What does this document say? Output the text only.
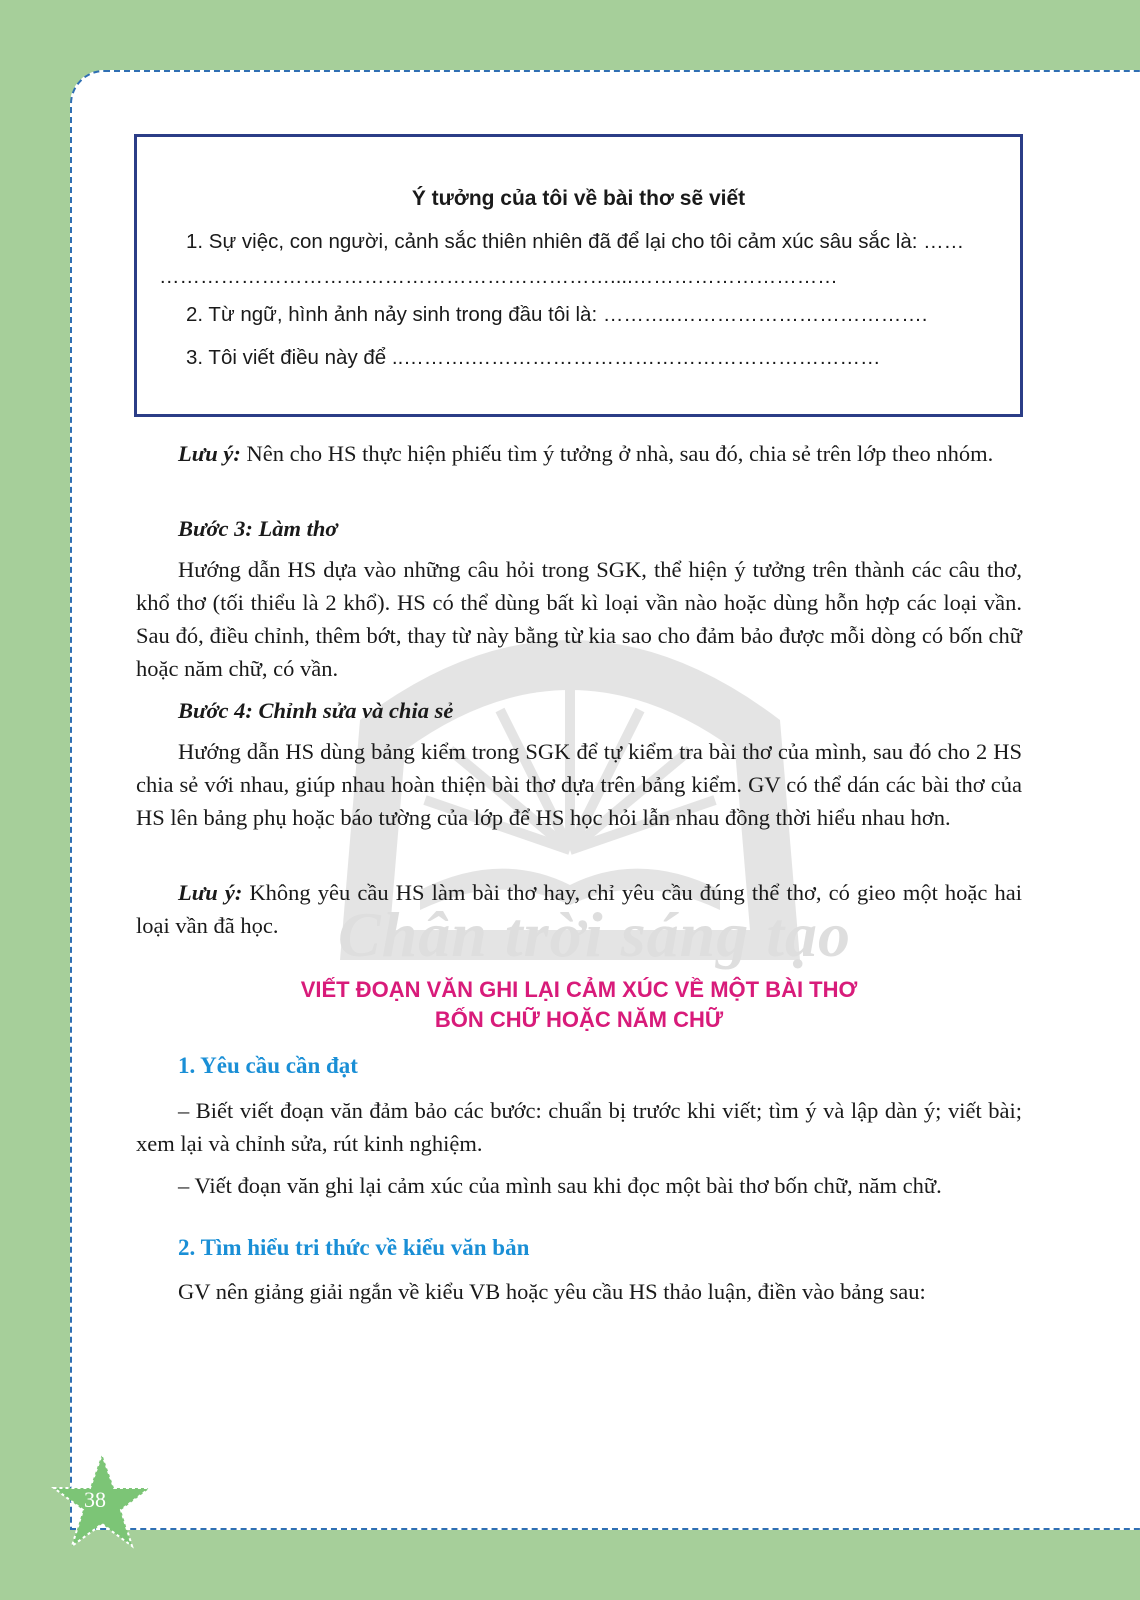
Chân trời sáng tạo
Ý tưởng của tôi về bài thơ sẽ viết
1. Sự việc, con người, cảnh sắc thiên nhiên đã để lại cho tôi cảm xúc sâu sắc là: ……
…………………………………………………………....…………………………
2. Từ ngữ, hình ảnh nảy sinh trong đầu tôi là: ………..……………………………….
3. Tôi viết điều này để ..……….……………………………………………………

Lưu ý: Nên cho HS thực hiện phiếu tìm ý tưởng ở nhà, sau đó, chia sẻ trên lớp theo nhóm.

Bước 3: Làm thơ

Hướng dẫn HS dựa vào những câu hỏi trong SGK, thể hiện ý tưởng trên thành các câu thơ, khổ thơ (tối thiểu là 2 khổ). HS có thể dùng bất kì loại vần nào hoặc dùng hỗn hợp các loại vần. Sau đó, điều chỉnh, thêm bớt, thay từ này bằng từ kia sao cho đảm bảo được mỗi dòng có bốn chữ hoặc năm chữ, có vần.

Bước 4: Chỉnh sửa và chia sẻ

Hướng dẫn HS dùng bảng kiểm trong SGK để tự kiểm tra bài thơ của mình, sau đó cho 2 HS chia sẻ với nhau, giúp nhau hoàn thiện bài thơ dựa trên bảng kiểm. GV có thể dán các bài thơ của HS lên bảng phụ hoặc báo tường của lớp để HS học hỏi lẫn nhau đồng thời hiểu nhau hơn.

Lưu ý: Không yêu cầu HS làm bài thơ hay, chỉ yêu cầu đúng thể thơ, có gieo một hoặc hai loại vần đã học.

VIẾT ĐOẠN VĂN GHI LẠI CẢM XÚC VỀ MỘT BÀI THƠ
BỐN CHỮ HOẶC NĂM CHỮ
1. Yêu cầu cần đạt

– Biết viết đoạn văn đảm bảo các bước: chuẩn bị trước khi viết; tìm ý và lập dàn ý; viết bài; xem lại và chỉnh sửa, rút kinh nghiệm.

– Viết đoạn văn ghi lại cảm xúc của mình sau khi đọc một bài thơ bốn chữ, năm chữ.

2. Tìm hiểu tri thức về kiểu văn bản

GV nên giảng giải ngắn về kiểu VB hoặc yêu cầu HS thảo luận, điền vào bảng sau:

38
